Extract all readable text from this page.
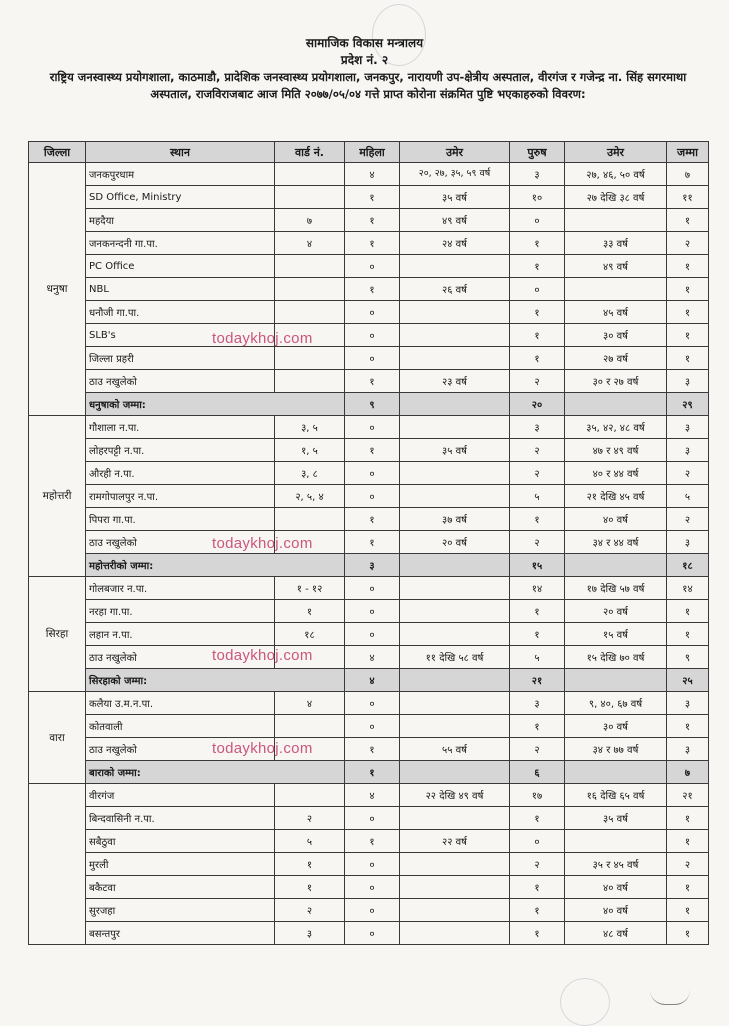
सामाजिक विकास मन्त्रालय
प्रदेश नं. २
राष्ट्रिय जनस्वास्थ्य प्रयोगशाला, काठमाडौ, प्रादेशिक जनस्वास्थ्य प्रयोगशाला, जनकपुर, नारायणी उप-क्षेत्रीय अस्पताल, वीरगंज र गजेन्द्र ना. सिंह सगरमाथा अस्पताल, राजविराजबाट आज मिति २०७७/०५/०४ गत्ते प्राप्त कोरोना संक्रमित पुष्टि भएकाहरुको विवरण:
जिल्ला	स्थान	वार्ड नं.	महिला	उमेर	पुरुष	उमेर	जम्मा
धनुषा	जनकपुरधाम		४	२०, २७, ३५, ५९ वर्ष	३	२७, ४६, ५० वर्ष	७
	SD Office, Ministry		१	३५ वर्ष	१०	२७ देखि ३८ वर्ष	११
	महदैया	७	१	४९ वर्ष	०		१
	जनकनन्दनी गा.पा.	४	१	२४ वर्ष	१	३३ वर्ष	२
	PC Office		०		१	४९ वर्ष	१
	NBL		१	२६ वर्ष	०		१
	धनौजी गा.पा.		०		१	४५ वर्ष	१
	SLB's		०		१	३० वर्ष	१
	जिल्ला प्रहरी		०		१	२७ वर्ष	१
	ठाउ नखुलेको		१	२३ वर्ष	२	३० र २७ वर्ष	३
	धनुषाको जम्मा:		९		२०		२९
महोत्तरी	गौशाला न.पा.	३, ५	०		३	३५, ४२, ४८ वर्ष	३
	लोहरपट्टी न.पा.	१, ५	१	३५ वर्ष	२	४७ र ४९ वर्ष	३
	औरही न.पा.	३, ८	०		२	४० र ४४ वर्ष	२
	रामगोपालपुर न.पा.	२, ५, ४	०		५	२१ देखि ४५ वर्ष	५
	पिपरा गा.पा.		१	३७ वर्ष	१	४० वर्ष	२
	ठाउ नखुलेको		१	२० वर्ष	२	३४ र ४४ वर्ष	३
	महोत्तरीको जम्मा:		३		१५		१८
सिरहा	गोलबजार न.पा.	१ - १२	०		१४	१७ देखि ५७ वर्ष	१४
	नरहा गा.पा.	१	०		१	२० वर्ष	१
	लहान न.पा.	१८	०		१	१५ वर्ष	१
	ठाउ नखुलेको		४	११ देखि ५८ वर्ष	५	१५ देखि ७० वर्ष	९
	सिरहाको जम्मा:		४		२१		२५
वारा	कलैया उ.म.न.पा.	४	०		३	९, ४०, ६७ वर्ष	३
	कोतवाली		०		१	३० वर्ष	१
	ठाउ नखुलेको		१	५५ वर्ष	२	३४ र ७७ वर्ष	३
	बाराको जम्मा:		१		६		७
	वीरगंज		४	२२ देखि ४९ वर्ष	१७	१६ देखि ६५ वर्ष	२१
	बिन्दवासिनी न.पा.	२	०		१	३५ वर्ष	१
	सबैठुवा	५	१	२२ वर्ष	०		१
	मुरली	१	०		२	३५ र ४५ वर्ष	२
	बकैटवा	१	०		१	४० वर्ष	१
	सुरजहा	२	०		१	४० वर्ष	१
	बसन्तपुर	३	०		१	४८ वर्ष	१
todaykhoj.com
todaykhoj.com
todaykhoj.com
todaykhoj.com
